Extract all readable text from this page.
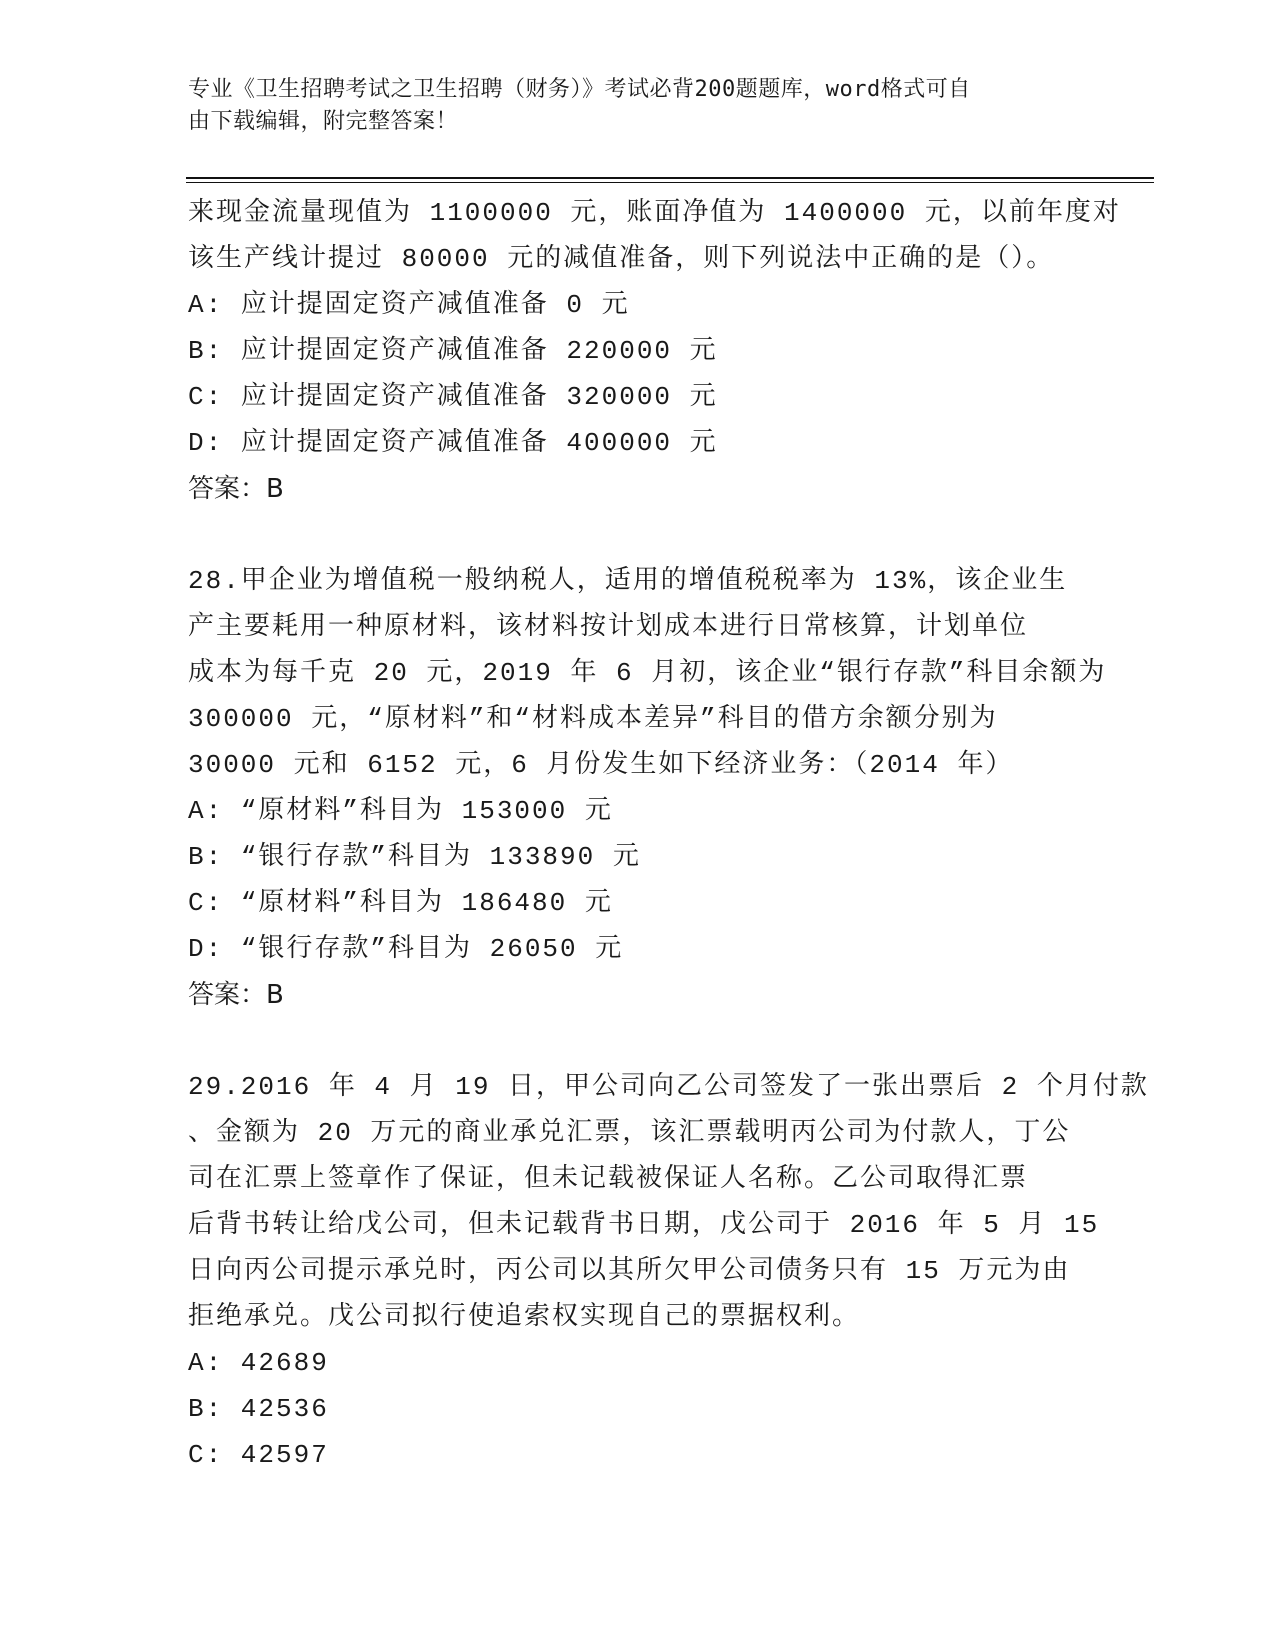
专业《卫生招聘考试之卫生招聘（财务）》考试必背200题题库，word格式可自
由下载编辑，附完整答案！
来现金流量现值为 1100000 元，账面净值为 1400000 元，以前年度对
该生产线计提过 80000 元的减值准备，则下列说法中正确的是（）。
A: 应计提固定资产减值准备 0 元
B: 应计提固定资产减值准备 220000 元
C: 应计提固定资产减值准备 320000 元
D: 应计提固定资产减值准备 400000 元
答案：B
28.甲企业为增值税一般纳税人，适用的增值税税率为 13%，该企业生
产主要耗用一种原材料，该材料按计划成本进行日常核算，计划单位
成本为每千克 20 元，2019 年 6 月初，该企业“银行存款”科目余额为
300000 元，“原材料”和“材料成本差异”科目的借方余额分别为
30000 元和 6152 元，6 月份发生如下经济业务：（2014 年）
A: “原材料”科目为 153000 元
B: “银行存款”科目为 133890 元
C: “原材料”科目为 186480 元
D: “银行存款”科目为 26050 元
答案：B
29.2016 年 4 月 19 日，甲公司向乙公司签发了一张出票后 2 个月付款
、金额为 20 万元的商业承兑汇票，该汇票载明丙公司为付款人，丁公
司在汇票上签章作了保证，但未记载被保证人名称。乙公司取得汇票
后背书转让给戊公司，但未记载背书日期，戊公司于 2016 年 5 月 15
日向丙公司提示承兑时，丙公司以其所欠甲公司债务只有 15 万元为由
拒绝承兑。戊公司拟行使追索权实现自己的票据权利。
A: 42689
B: 42536
C: 42597
